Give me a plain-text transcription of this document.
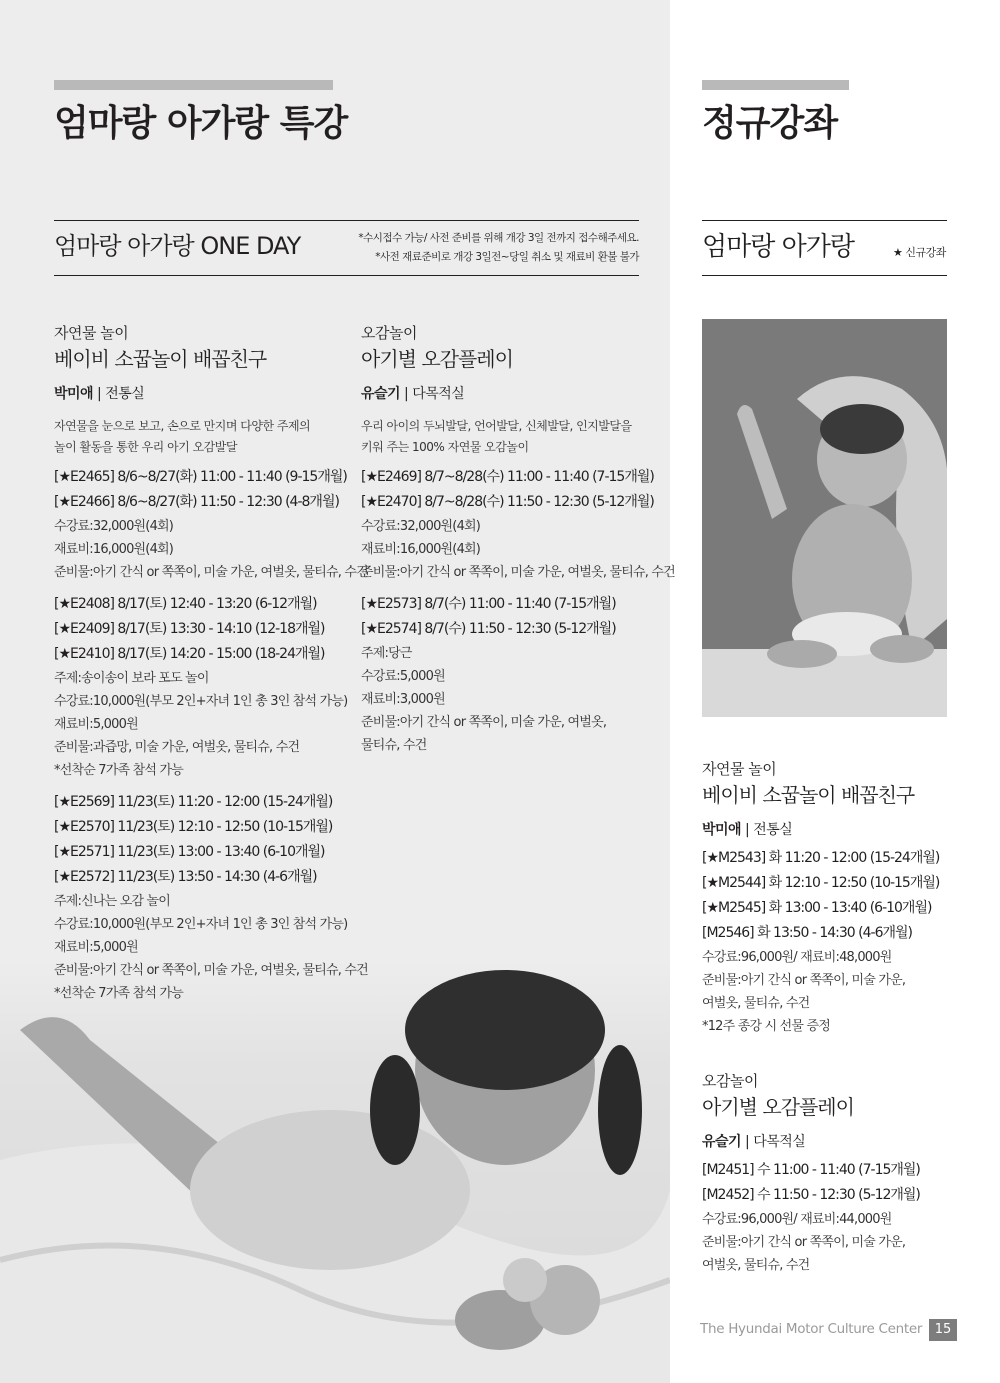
엄마랑 아가랑 특강
엄마랑 아가랑 ONE DAY	*수시접수 가능/ 사전 준비를 위해 개강 3일 전까지 접수해주세요.
*사전 재료준비로 개강 3일전~당일 취소 및 재료비 환불 불가

자연물 놀이

베이비 소꿉놀이 배꼽친구

박미애 | 전통실

자연물을 눈으로 보고, 손으로 만지며 다양한 주제의

놀이 활동을 통한 우리 아기 오감발달

[★E2465] 8/6~8/27(화) 11:00 - 11:40 (9-15개월)

[★E2466] 8/6~8/27(화) 11:50 - 12:30 (4-8개월)

수강료:32,000원(4회)

재료비:16,000원(4회)

준비물:아기 간식 or 쪽쪽이, 미술 가운, 여벌옷, 물티슈, 수건

[★E2408] 8/17(토) 12:40 - 13:20 (6-12개월)

[★E2409] 8/17(토) 13:30 - 14:10 (12-18개월)

[★E2410] 8/17(토) 14:20 - 15:00 (18-24개월)

주제:송이송이 보라 포도 놀이

수강료:10,000원(부모 2인+자녀 1인 총 3인 참석 가능)

재료비:5,000원

준비물:과즙망, 미술 가운, 여벌옷, 물티슈, 수건

*선착순 7가족 참석 가능

[★E2569] 11/23(토) 11:20 - 12:00 (15-24개월)

[★E2570] 11/23(토) 12:10 - 12:50 (10-15개월)

[★E2571] 11/23(토) 13:00 - 13:40 (6-10개월)

[★E2572] 11/23(토) 13:50 - 14:30 (4-6개월)

주제:신나는 오감 놀이

수강료:10,000원(부모 2인+자녀 1인 총 3인 참석 가능)

재료비:5,000원

준비물:아기 간식 or 쪽쪽이, 미술 가운, 여벌옷, 물티슈, 수건

*선착순 7가족 참석 가능

오감놀이

아기별 오감플레이

유슬기 | 다목적실

우리 아이의 두뇌발달, 언어발달, 신체발달, 인지발달을

키워 주는 100% 자연물 오감놀이

[★E2469] 8/7~8/28(수) 11:00 - 11:40 (7-15개월)

[★E2470] 8/7~8/28(수) 11:50 - 12:30 (5-12개월)

수강료:32,000원(4회)

재료비:16,000원(4회)

준비물:아기 간식 or 쪽쪽이, 미술 가운, 여벌옷, 물티슈, 수건

[★E2573] 8/7(수) 11:00 - 11:40 (7-15개월)

[★E2574] 8/7(수) 11:50 - 12:30 (5-12개월)

주제:당근

수강료:5,000원

재료비:3,000원

준비물:아기 간식 or 쪽쪽이, 미술 가운, 여벌옷,

물티슈, 수건

정규강좌
엄마랑 아가랑	★ 신규강좌

자연물 놀이

베이비 소꿉놀이 배꼽친구

박미애 | 전통실

[★M2543] 화 11:20 - 12:00 (15-24개월)

[★M2544] 화 12:10 - 12:50 (10-15개월)

[★M2545] 화 13:00 - 13:40 (6-10개월)

[M2546] 화 13:50 - 14:30 (4-6개월)

수강료:96,000원/ 재료비:48,000원

준비물:아기 간식 or 쪽쪽이, 미술 가운,

여벌옷, 물티슈, 수건

*12주 종강 시 선물 증정

오감놀이

아기별 오감플레이

유슬기 | 다목적실

[M2451] 수 11:00 - 11:40 (7-15개월)

[M2452] 수 11:50 - 12:30 (5-12개월)

수강료:96,000원/ 재료비:44,000원

준비물:아기 간식 or 쪽쪽이, 미술 가운,

여벌옷, 물티슈, 수건

The Hyundai Motor Culture Center 15
